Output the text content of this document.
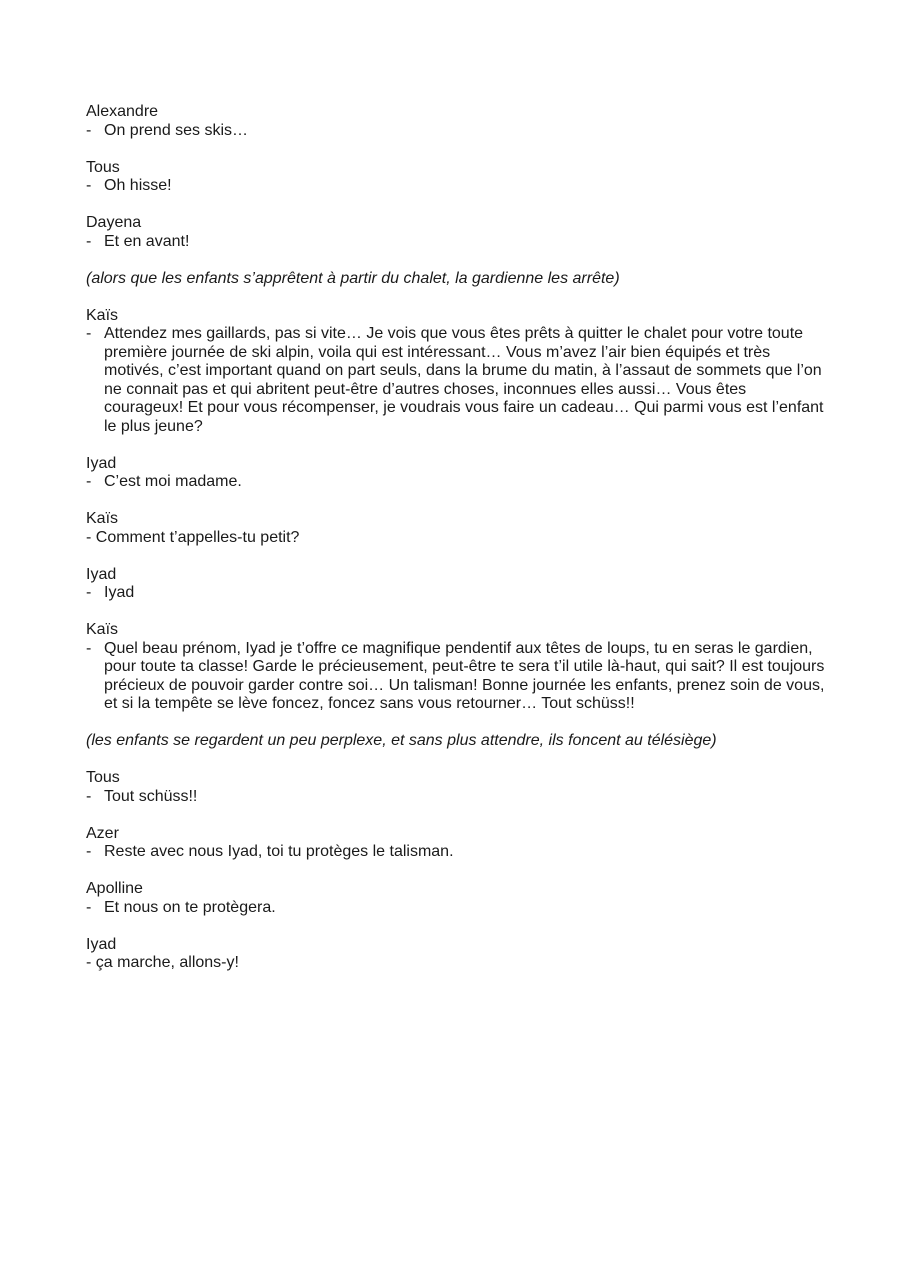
Alexandre
- On prend ses skis…
Tous
- Oh hisse!
Dayena
- Et en avant!
(alors que les enfants s’apprêtent à partir du chalet, la gardienne les arrête)
Kaïs
- Attendez mes gaillards, pas si vite… Je vois que vous êtes prêts à quitter le chalet pour votre toute première journée de ski alpin, voila qui est intéressant… Vous m’avez l’air bien équipés et très motivés, c’est important quand on part seuls, dans la brume du matin, à l’assaut de sommets que l’on ne connait pas et qui abritent peut-être d’autres choses, inconnues elles aussi… Vous êtes courageux! Et pour vous récompenser, je voudrais vous faire un cadeau… Qui parmi vous est l’enfant le plus jeune?
Iyad
- C’est moi madame.
Kaïs
- Comment t’appelles-tu petit?
Iyad
- Iyad
Kaïs
- Quel beau prénom, Iyad je t’offre ce magnifique pendentif aux têtes de loups, tu en seras le gardien, pour toute ta classe! Garde le précieusement, peut-être te sera t’il utile là-haut, qui sait? Il est toujours précieux de pouvoir garder contre soi… Un talisman! Bonne journée les enfants, prenez soin de vous, et si la tempête se lève foncez, foncez sans vous retourner… Tout schüss!!
(les enfants se regardent un peu perplexe, et sans plus attendre, ils foncent au télésiège)
Tous
- Tout schüss!!
Azer
- Reste avec nous Iyad, toi tu protèges le talisman.
Apolline
- Et nous on te protègera.
Iyad
- ça marche, allons-y!
